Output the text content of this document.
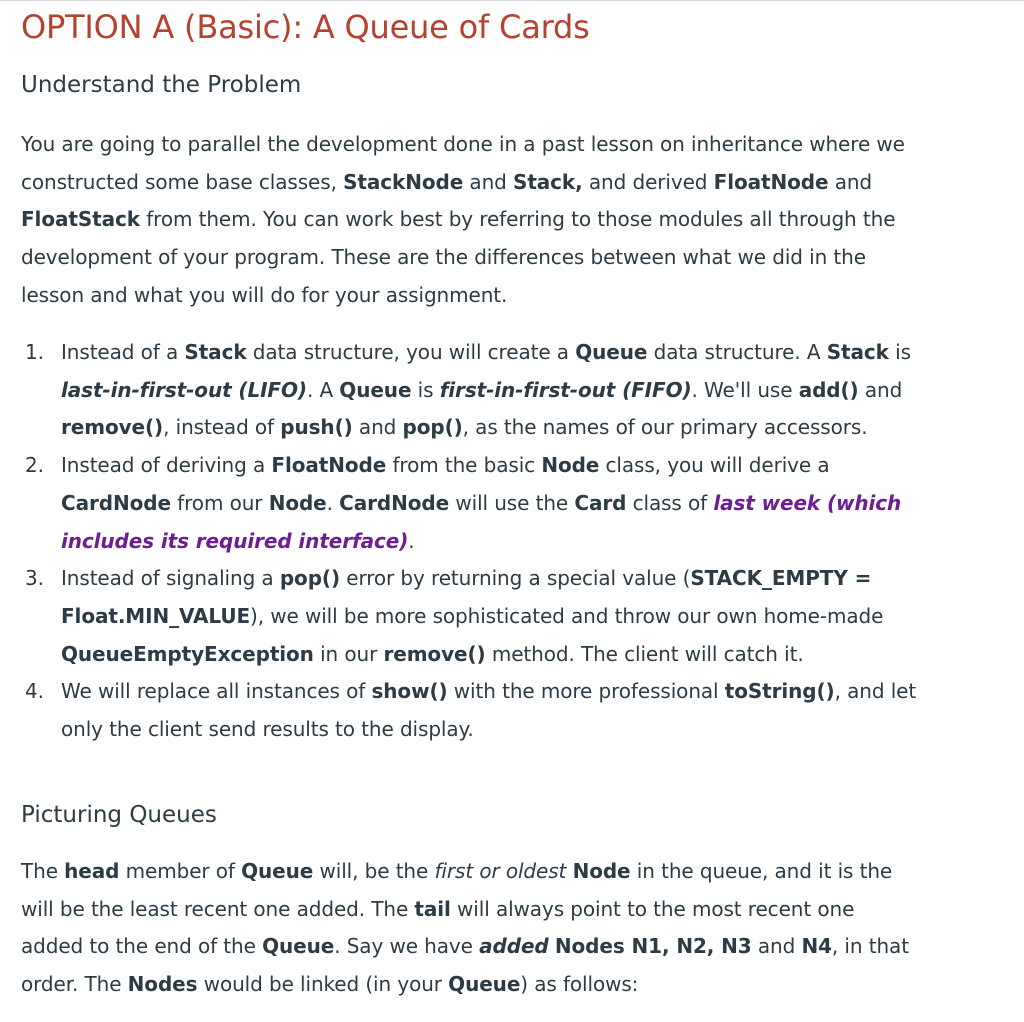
OPTION A (Basic): A Queue of Cards
Understand the Problem

You are going to parallel the development done in a past lesson on inheritance where we constructed some base classes, StackNode and Stack, and derived FloatNode and FloatStack from them. You can work best by referring to those modules all through the development of your program. These are the differences between what we did in the lesson and what you will do for your assignment.

1. Instead of a Stack data structure, you will create a Queue data structure. A Stack is last-in-first-out (LIFO). A Queue is first-in-first-out (FIFO). We'll use add() and remove(), instead of push() and pop(), as the names of our primary accessors.
2. Instead of deriving a FloatNode from the basic Node class, you will derive a CardNode from our Node. CardNode will use the Card class of last week (which includes its required interface).
3. Instead of signaling a pop() error by returning a special value (STACK_EMPTY = Float.MIN_VALUE), we will be more sophisticated and throw our own home-made QueueEmptyException in our remove() method. The client will catch it.
4. We will replace all instances of show() with the more professional toString(), and let only the client send results to the display.
Picturing Queues

The head member of Queue will, be the first or oldest Node in the queue, and it is the will be the least recent one added. The tail will always point to the most recent one added to the end of the Queue. Say we have added Nodes N1, N2, N3 and N4, in that order. The Nodes would be linked (in your Queue) as follows:
